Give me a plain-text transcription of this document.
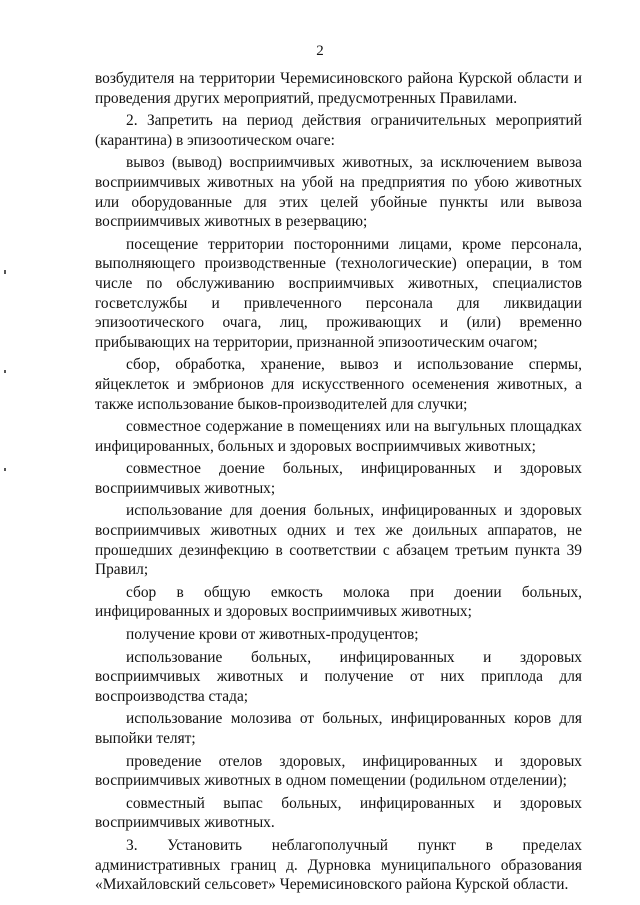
2

возбудителя на территории Черемисиновского района Курской области и проведения других мероприятий, предусмотренных Правилами.

2. Запретить на период действия ограничительных мероприятий (карантина) в эпизоотическом очаге:

вывоз (вывод) восприимчивых животных, за исключением вывоза восприимчивых животных на убой на предприятия по убою животных или оборудованные для этих целей убойные пункты или вывоза восприимчивых животных в резервацию;

посещение территории посторонними лицами, кроме персонала, выполняющего производственные (технологические) операции, в том числе по обслуживанию восприимчивых животных, специалистов госветслужбы и привлеченного персонала для ликвидации эпизоотического очага, лиц, проживающих и (или) временно прибывающих на территории, признанной эпизоотическим очагом;

сбор, обработка, хранение, вывоз и использование спермы, яйцеклеток и эмбрионов для искусственного осеменения животных, а также использование быков-производителей для случки;

совместное содержание в помещениях или на выгульных площадках инфицированных, больных и здоровых восприимчивых животных;

совместное доение больных, инфицированных и здоровых восприимчивых животных;

использование для доения больных, инфицированных и здоровых восприимчивых животных одних и тех же доильных аппаратов, не прошедших дезинфекцию в соответствии с абзацем третьим пункта 39 Правил;

сбор в общую емкость молока при доении больных, инфицированных и здоровых восприимчивых животных;

получение крови от животных-продуцентов;

использование больных, инфицированных и здоровых восприимчивых животных и получение от них приплода для воспроизводства стада;

использование молозива от больных, инфицированных коров для выпойки телят;

проведение отелов здоровых, инфицированных и здоровых восприимчивых животных в одном помещении (родильном отделении);

совместный выпас больных, инфицированных и здоровых восприимчивых животных.

3. Установить неблагополучный пункт в пределах административных границ д. Дурновка муниципального образования «Михайловский сельсовет» Черемисиновского района Курской области.
